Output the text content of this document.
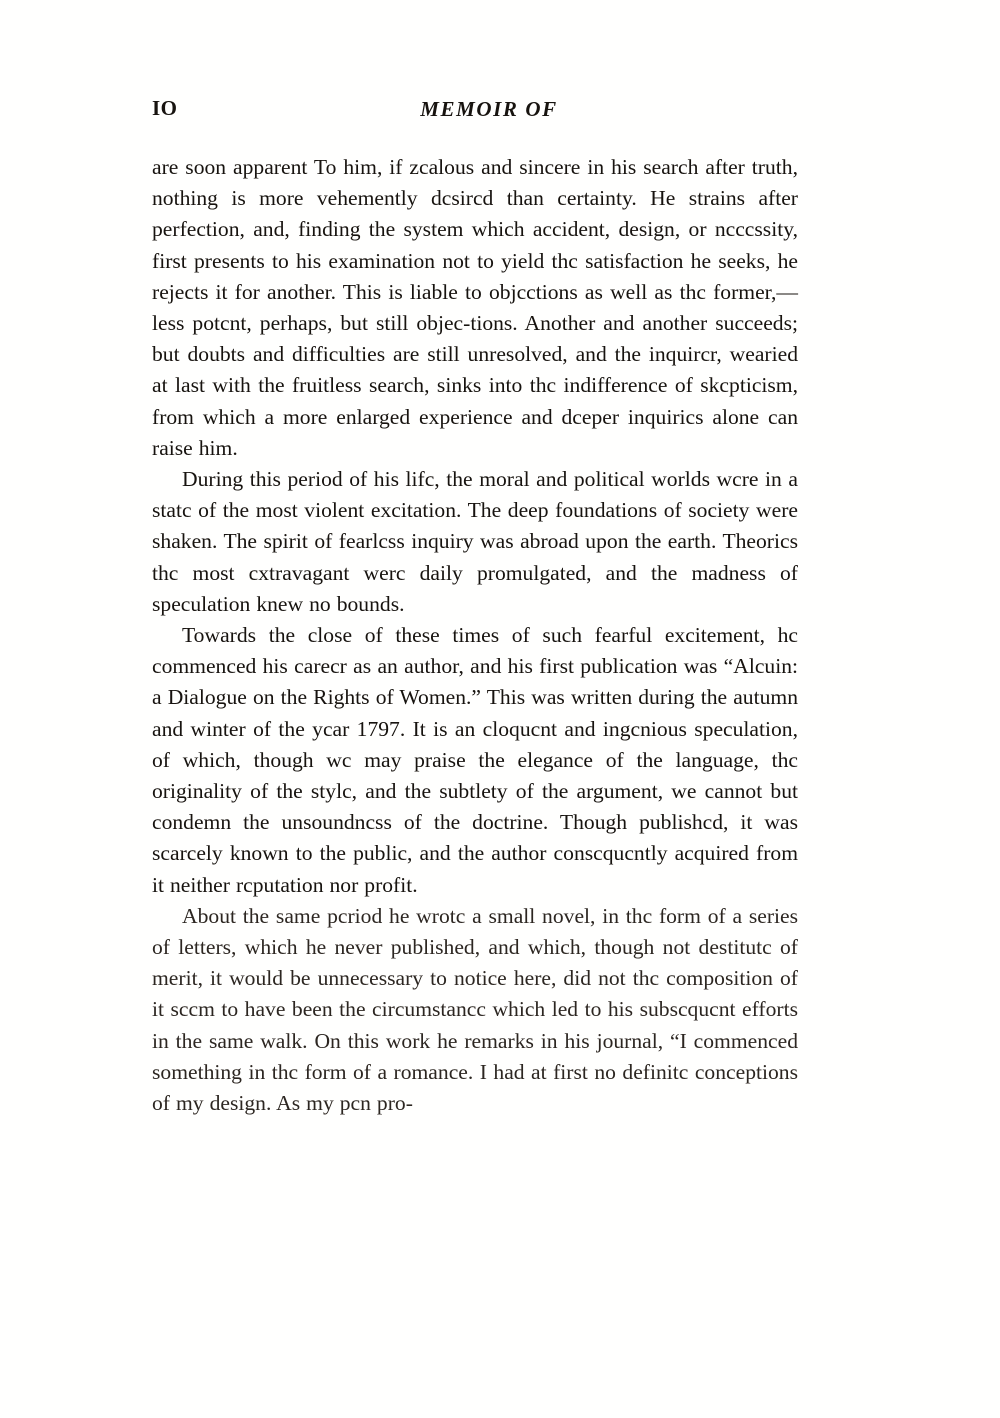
IO	MEMOIR OF

are soon apparent To him, if zcalous and sincere in his search after truth, nothing is more vehemently dcsircd than certainty. He strains after perfection, and, finding the system which accident, design, or ncccssity, first presents to his examination not to yield thc satisfaction he seeks, he rejects it for another. This is liable to objcctions as well as thc former,—less potcnt, perhaps, but still objec-tions. Another and another succeeds; but doubts and difficulties are still unresolved, and the inquircr, wearied at last with the fruitless search, sinks into thc indifference of skcpticism, from which a more enlarged experience and dceper inquirics alone can raise him.

During this period of his lifc, the moral and political worlds wcre in a statc of the most violent excitation. The deep foundations of society were shaken. The spirit of fearlcss inquiry was abroad upon the earth. Theorics thc most cxtravagant werc daily promulgated, and the madness of speculation knew no bounds.

Towards the close of these times of such fearful excitement, hc commenced his carecr as an author, and his first publication was “Alcuin: a Dialogue on the Rights of Women.” This was written during the autumn and winter of the ycar 1797. It is an cloqucnt and ingcnious speculation, of which, though wc may praise the elegance of the language, thc originality of the stylc, and the subtlety of the argument, we cannot but condemn the unsoundncss of the doctrine. Though publishcd, it was scarcely known to the public, and the author conscqucntly acquired from it neither rcputation nor profit.

About the same pcriod he wrotc a small novel, in thc form of a series of letters, which he never published, and which, though not destitutc of merit, it would be unnecessary to notice here, did not thc composition of it sccm to have been the circumstancc which led to his subscqucnt efforts in the same walk. On this work he remarks in his journal, “I commenced something in thc form of a romance. I had at first no definitc conceptions of my design. As my pcn pro-
